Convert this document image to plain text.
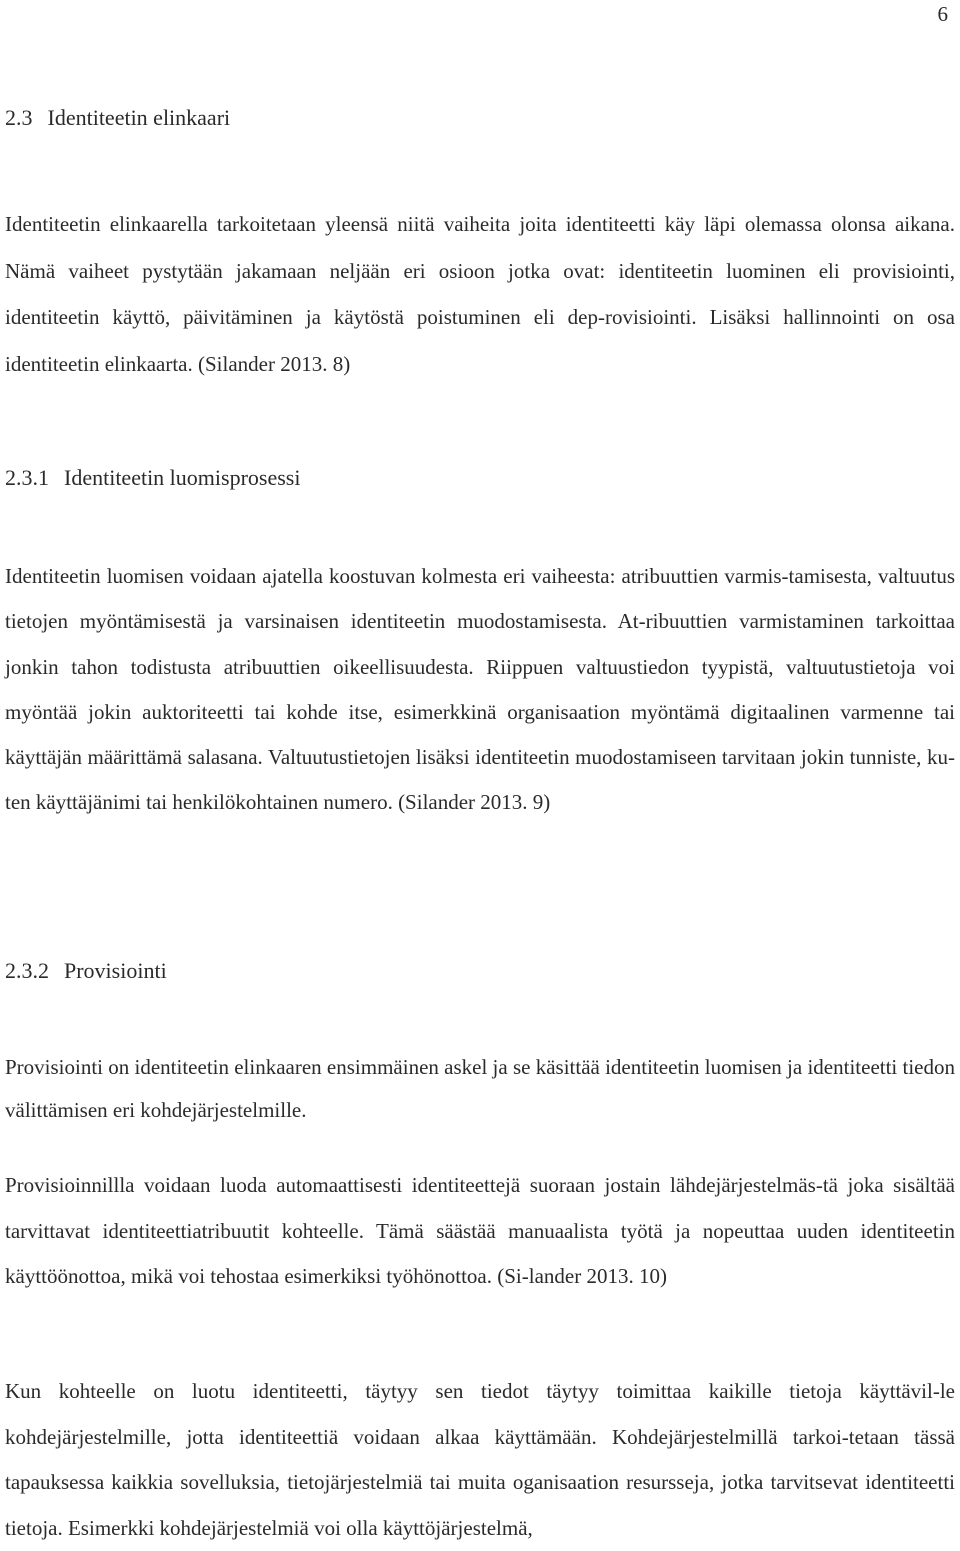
6
2.3 Identiteetin elinkaari
Identiteetin elinkaarella tarkoitetaan yleensä niitä vaiheita joita identiteetti käy läpi olemassa olonsa aikana. Nämä vaiheet pystytään jakamaan neljään eri osioon jotka ovat: identiteetin luominen eli provisiointi, identiteetin käyttö, päivitäminen ja käytöstä poistuminen eli dep-rovisiointi. Lisäksi hallinnointi on osa identiteetin elinkaarta. (Silander 2013. 8)
2.3.1 Identiteetin luomisprosessi
Identiteetin luomisen voidaan ajatella koostuvan kolmesta eri vaiheesta: atribuuttien varmis-tamisesta, valtuutus tietojen myöntämisestä ja varsinaisen identiteetin muodostamisesta. At-ribuuttien varmistaminen tarkoittaa jonkin tahon todistusta atribuuttien oikeellisuudesta. Riippuen valtuustiedon tyypistä, valtuutustietoja voi myöntää jokin auktoriteetti tai kohde itse, esimerkkinä organisaation myöntämä digitaalinen varmenne tai käyttäjän määrittämä salasana. Valtuutustietojen lisäksi identiteetin muodostamiseen tarvitaan jokin tunniste, ku-ten käyttäjänimi tai henkilökohtainen numero. (Silander 2013. 9)
2.3.2 Provisiointi
Provisiointi on identiteetin elinkaaren ensimmäinen askel ja se käsittää identiteetin luomisen ja identiteetti tiedon välittämisen eri kohdejärjestelmille.
Provisioinnillla voidaan luoda automaattisesti identiteettejä suoraan jostain lähdejärjestelmäs-tä joka sisältää tarvittavat identiteettiatribuutit kohteelle. Tämä säästää manuaalista työtä ja nopeuttaa uuden identiteetin käyttöönottoa, mikä voi tehostaa esimerkiksi työhönottoa. (Si-lander 2013. 10)
Kun kohteelle on luotu identiteetti, täytyy sen tiedot täytyy toimittaa kaikille tietoja käyttävil-le kohdejärjestelmille, jotta identiteettiä voidaan alkaa käyttämään. Kohdejärjestelmillä tarkoi-tetaan tässä tapauksessa kaikkia sovelluksia, tietojärjestelmiä tai muita oganisaation resursseja, jotka tarvitsevat identiteetti tietoja. Esimerkki kohdejärjestelmiä voi olla käyttöjärjestelmä,
